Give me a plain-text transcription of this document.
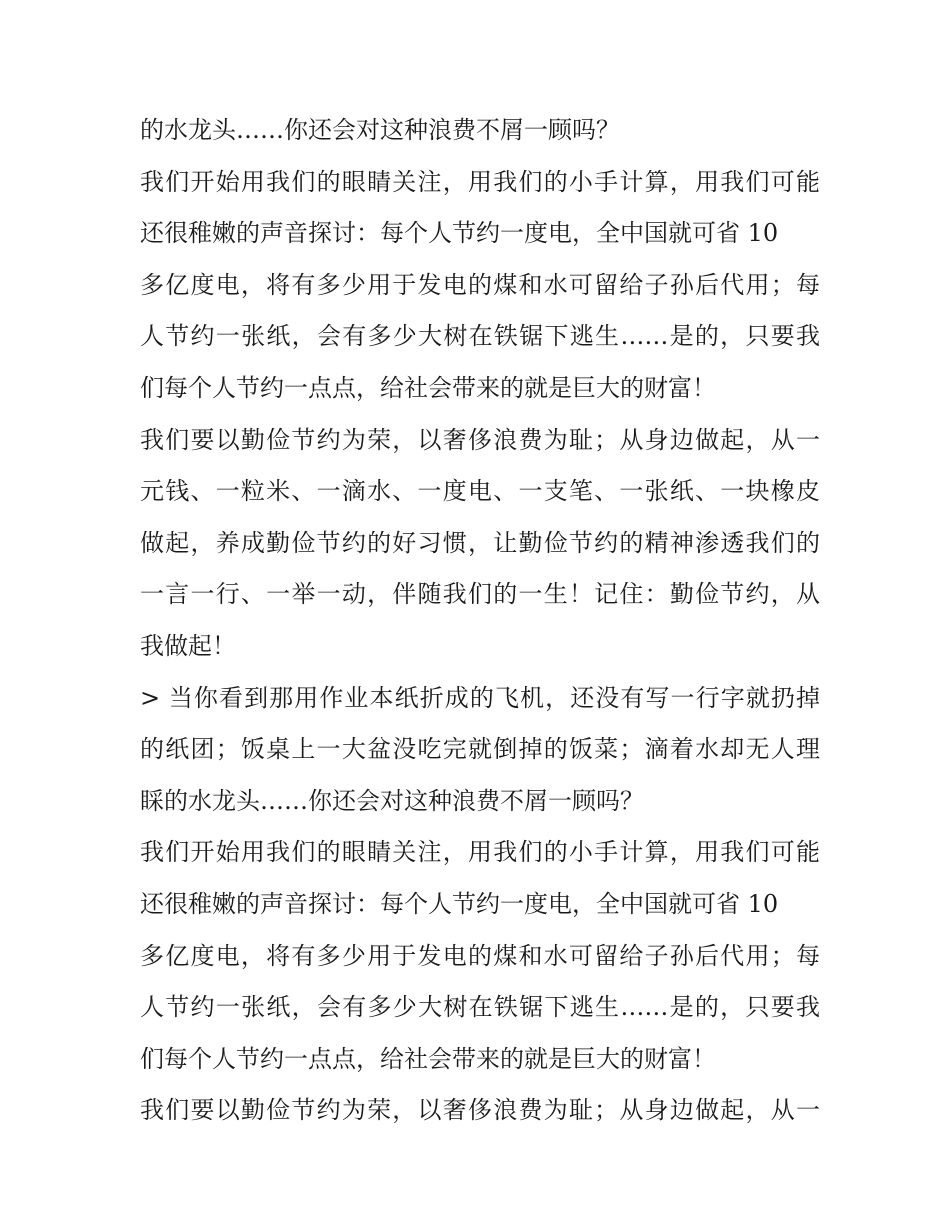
的水龙头……你还会对这种浪费不屑一顾吗？
我们开始用我们的眼睛关注，用我们的小手计算，用我们可能
还很稚嫩的声音探讨：每个人节约一度电，全中国就可省 10
多亿度电，将有多少用于发电的煤和水可留给子孙后代用；每
人节约一张纸，会有多少大树在铁锯下逃生……是的，只要我
们每个人节约一点点，给社会带来的就是巨大的财富！
我们要以勤俭节约为荣，以奢侈浪费为耻；从身边做起，从一
元钱、一粒米、一滴水、一度电、一支笔、一张纸、一块橡皮
做起，养成勤俭节约的好习惯，让勤俭节约的精神渗透我们的
一言一行、一举一动，伴随我们的一生！记住：勤俭节约，从
我做起！
> 当你看到那用作业本纸折成的飞机，还没有写一行字就扔掉
的纸团；饭桌上一大盆没吃完就倒掉的饭菜；滴着水却无人理
睬的水龙头……你还会对这种浪费不屑一顾吗？
我们开始用我们的眼睛关注，用我们的小手计算，用我们可能
还很稚嫩的声音探讨：每个人节约一度电，全中国就可省 10
多亿度电，将有多少用于发电的煤和水可留给子孙后代用；每
人节约一张纸，会有多少大树在铁锯下逃生……是的，只要我
们每个人节约一点点，给社会带来的就是巨大的财富！
我们要以勤俭节约为荣，以奢侈浪费为耻；从身边做起，从一
